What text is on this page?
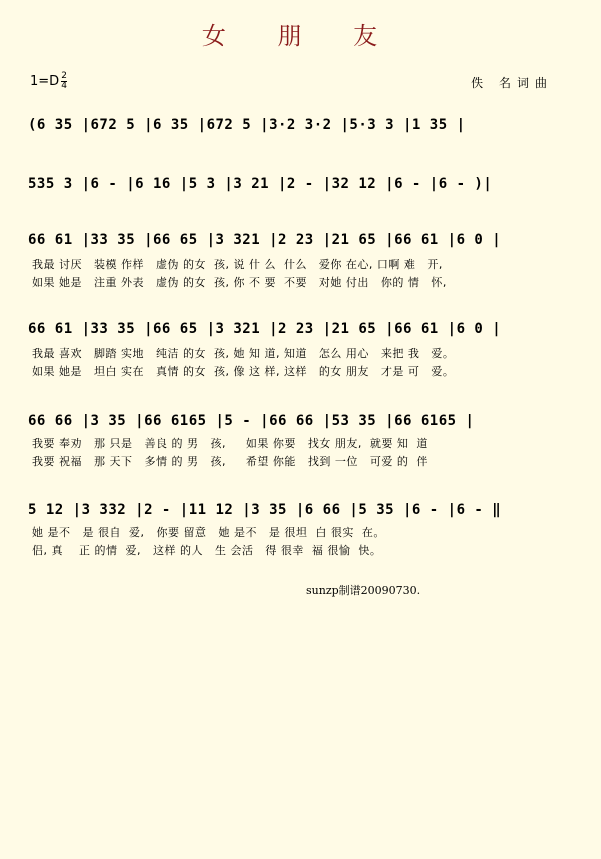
女 朋 友
$1=D \frac{2}{4}$	佚 名词曲
(6 35 |672 5 |6 35 |672 5 |3·2 3·2 |5·3 3 |1 35 |
535 3 |6 - |6 16 |5 3 |3 21 |2 - |32 12 |6 - |6 - )|
66 61 |33 35 |66 65 |3 321 |2 23 |21 65 |66 61 |6 0 |
我最 讨厌   装模 作样   虚伪 的女  孩, 说 什 么  什么   爱你 在心, 口啊 难   开,
如果 她是   注重 外表   虚伪 的女  孩, 你 不 要  不要   对她 付出   你的 情   怀,
66 61 |33 35 |66 65 |3 321 |2 23 |21 65 |66 61 |6 0 |
我最 喜欢   脚踏 实地   纯洁 的女  孩, 她 知 道, 知道   怎么 用心   来把 我   爱。
如果 她是   坦白 实在   真情 的女  孩, 像 这 样, 这样   的女 朋友   才是 可   爱。
66 66 |3 35 |66 6165 |5 - |66 66 |53 35 |66 6165 |
我要 奉劝   那 只是   善良 的 男   孩,     如果 你要   找女 朋友,  就要 知  道
我要 祝福   那 天下   多情 的 男   孩,     希望 你能   找到 一位   可爱 的  伴
5 12 |3 332 |2 - |11 12 |3 35 |6 66 |5 35 |6 - |6 - ‖
她 是不   是 很自  爱,   你要 留意   她 是不   是 很坦  白 很实  在。
侣, 真    正 的情  爱,   这样 的人   生 会活   得 很幸  福 很愉  快。
sunzp制谱20090730.
